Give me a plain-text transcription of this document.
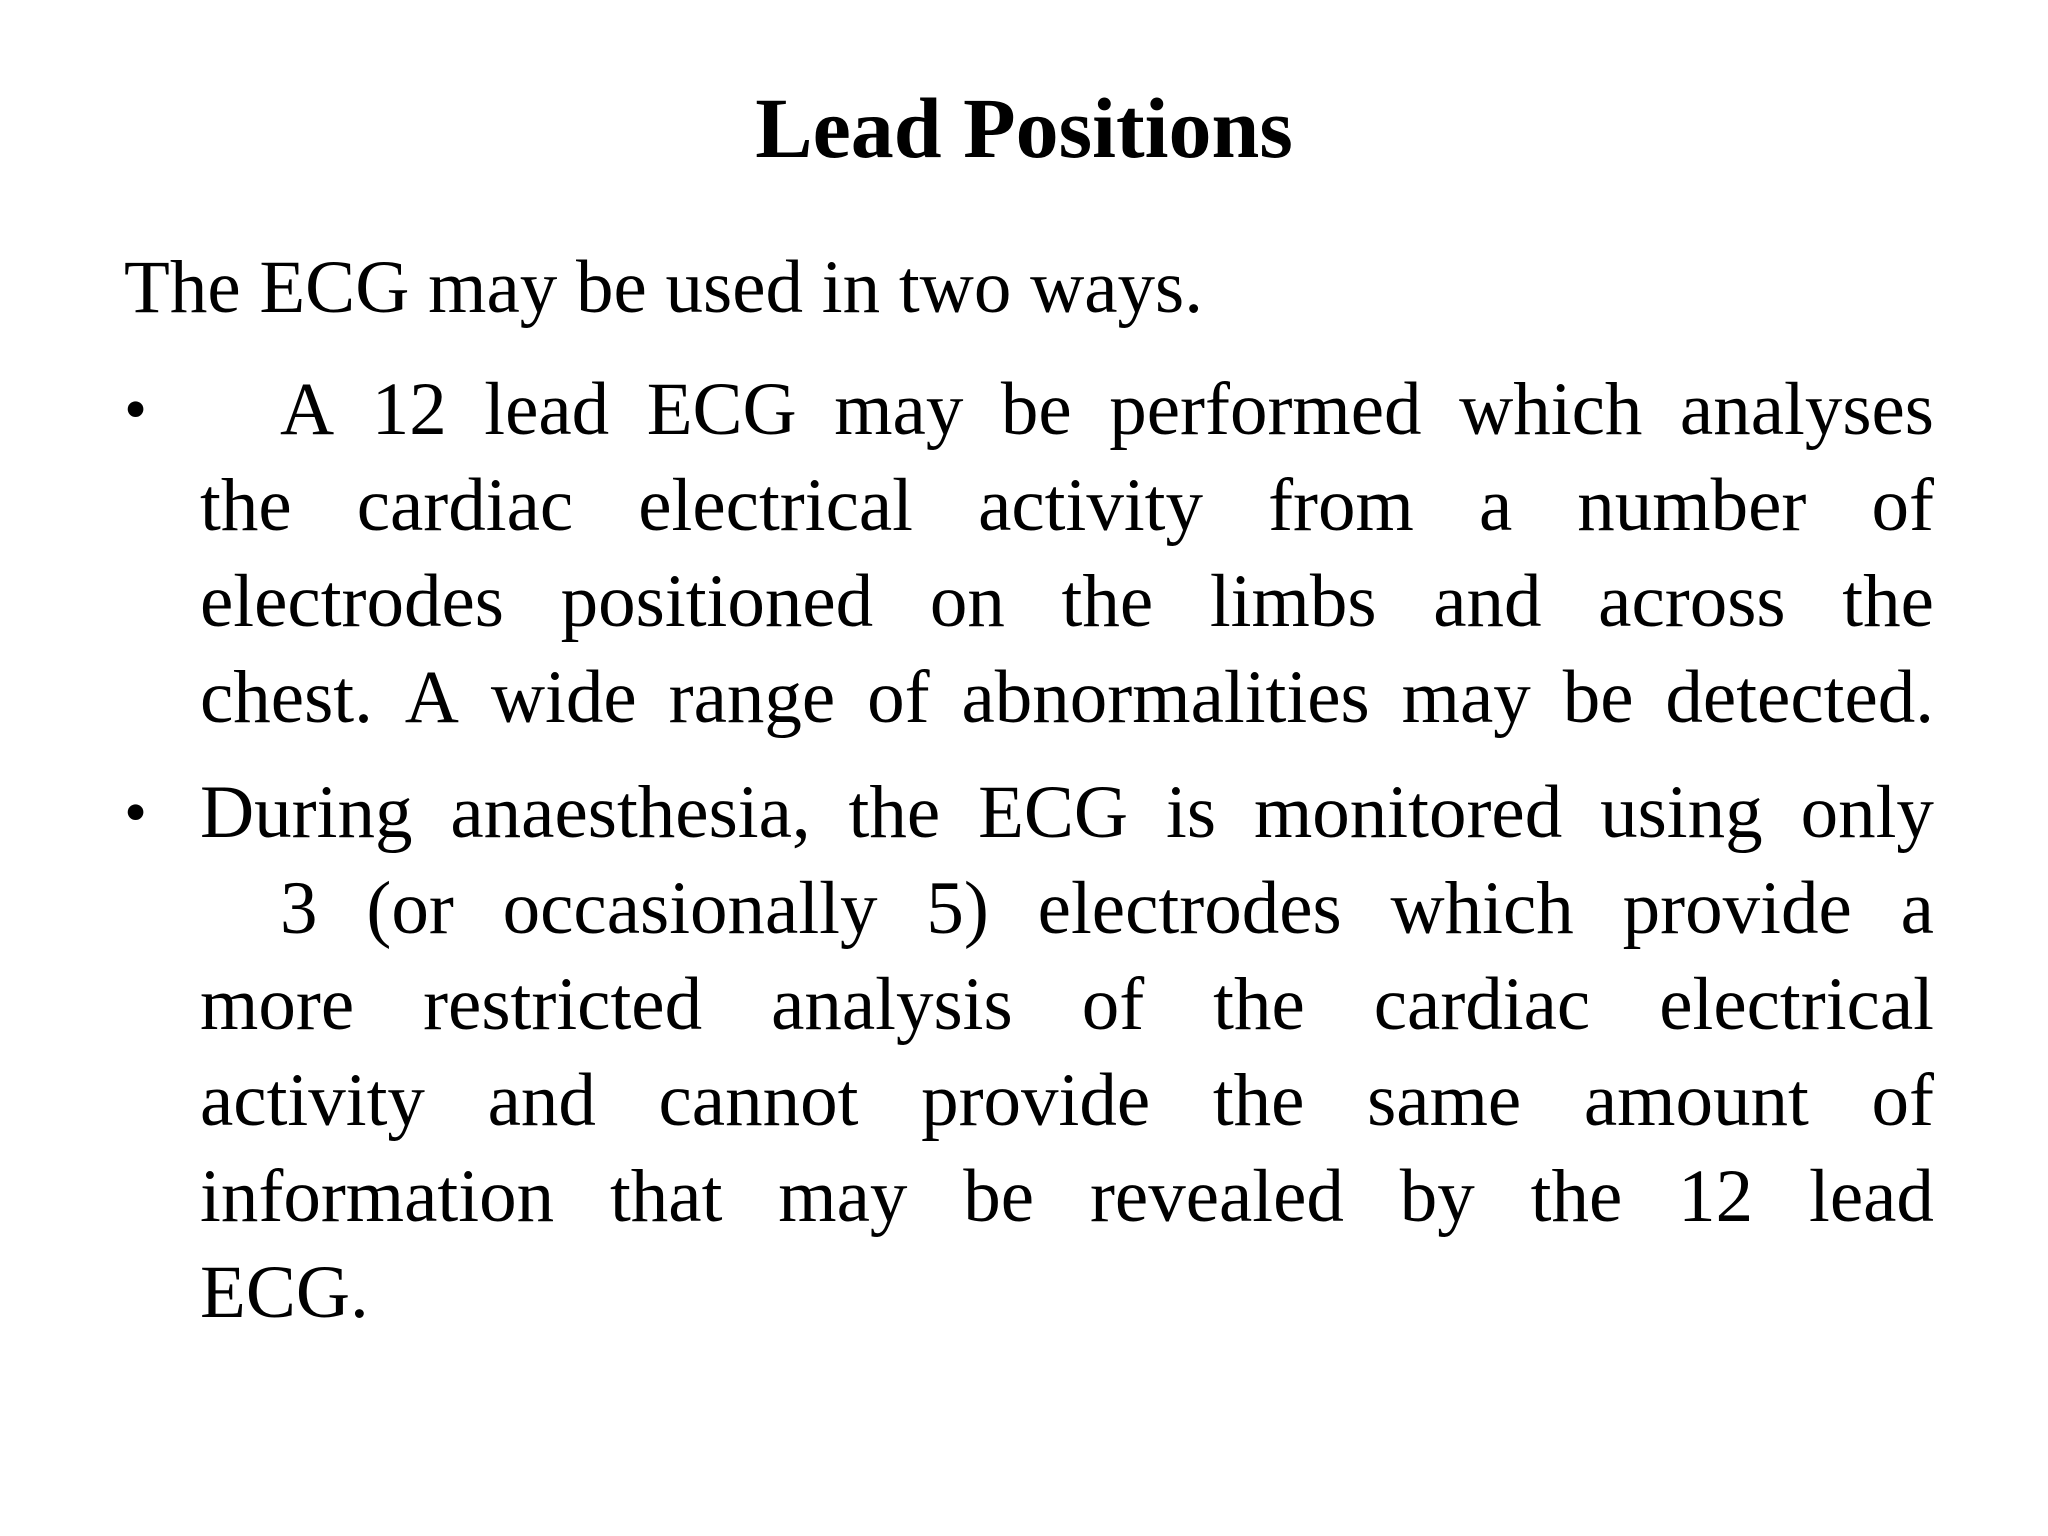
Lead Positions
The ECG may be used in two ways.
• A 12 lead ECG may be performed which analyses
the cardiac electrical activity from a number of
electrodes positioned on the limbs and across the
chest. A wide range of abnormalities may be detected.
• During anaesthesia, the ECG is monitored using only
3 (or occasionally 5) electrodes which provide a
more restricted analysis of the cardiac electrical
activity and cannot provide the same amount of
information that may be revealed by the 12 lead
ECG.
